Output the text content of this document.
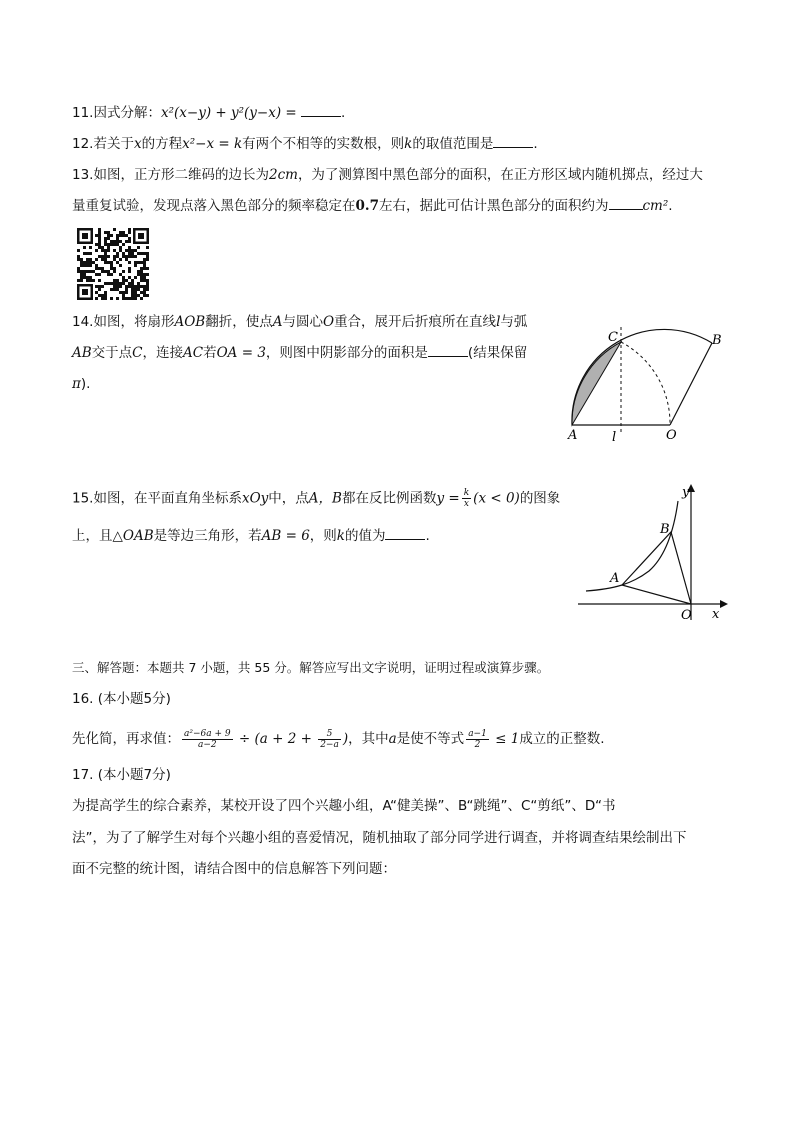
11.因式分解：x²(x−y) + y²(y−x) =	.
12.若关于x的方程x²−x = k有两个不相等的实数根，则k的取值范围是	.
13.如图，正方形二维码的边长为2cm，为了测算图中黑色部分的面积，在正方形区域内随机掷点，经过大
量重复试验，发现点落入黑色部分的频率稳定在0.7左右，据此可估计黑色部分的面积约为	cm².
14.如图，将扇形AOB翻折，使点A与圆心O重合，展开后折痕所在直线l与弧
AB交于点C，连接AC若OA = 3，则图中阴影部分的面积是	(结果保留
π).
C	B
A	l	O
15.如图，在平面直角坐标系xOy中，点A，B都在反比例函数$y = \frac{k}{x} (x < 0)$的图象
上，且△OAB是等边三角形，若AB = 6，则k的值为	.
y
B
A
O x
三、解答题：本题共 7 小题，共 55 分。解答应写出文字说明，证明过程或演算步骤。
16. (本小题5分)
先化简，再求值： $\frac{\text{a²−6a + 9}}{a-2} \div (a + 2 + \frac{5}{2-a}$ )，其中a是使不等式 $\frac{a-1}{2} \le 1$成立的正整数.
17. (本小题7分)
为提高学生的综合素养，某校开设了四个兴趣小组，A“健美操”、B“跳绳”、C“剪纸”、D“书
法”，为了了解学生对每个兴趣小组的喜爱情况，随机抽取了部分同学进行调查，并将调查结果绘制出下
面不完整的统计图，请结合图中的信息解答下列问题：
